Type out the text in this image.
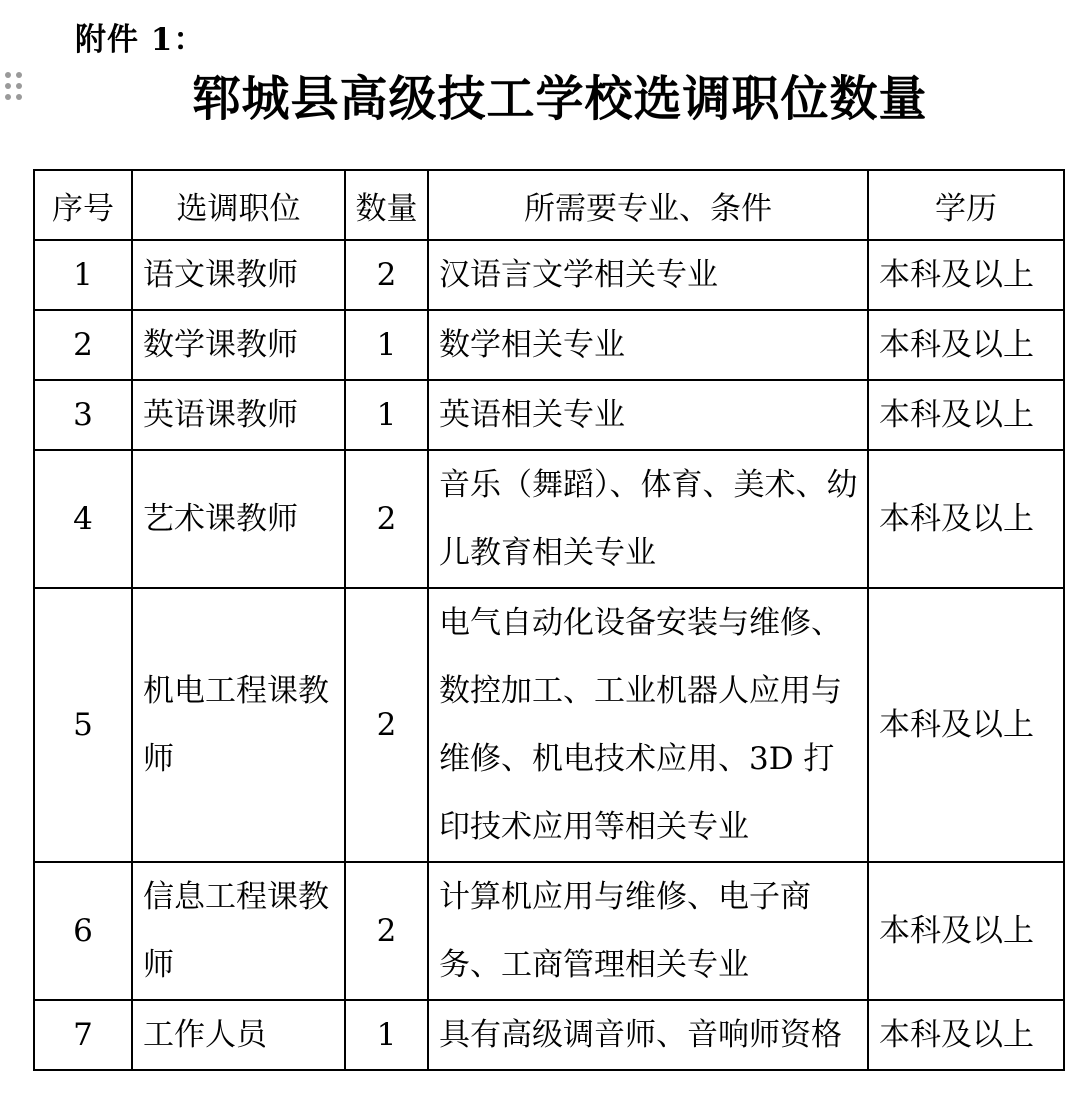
附件 1：
郓城县高级技工学校选调职位数量
序号	选调职位	数量	所需要专业、条件	学历
1	语文课教师	2	汉语言文学相关专业	本科及以上
2	数学课教师	1	数学相关专业	本科及以上
3	英语课教师	1	英语相关专业	本科及以上
4	艺术课教师	2	音乐（舞蹈）、体育、美术、幼儿教育相关专业	本科及以上
5	机电工程课教师	2	电气自动化设备安装与维修、数控加工、工业机器人应用与维修、机电技术应用、3D 打印技术应用等相关专业	本科及以上
6	信息工程课教师	2	计算机应用与维修、电子商务、工商管理相关专业	本科及以上
7	工作人员	1	具有高级调音师、音响师资格	本科及以上
